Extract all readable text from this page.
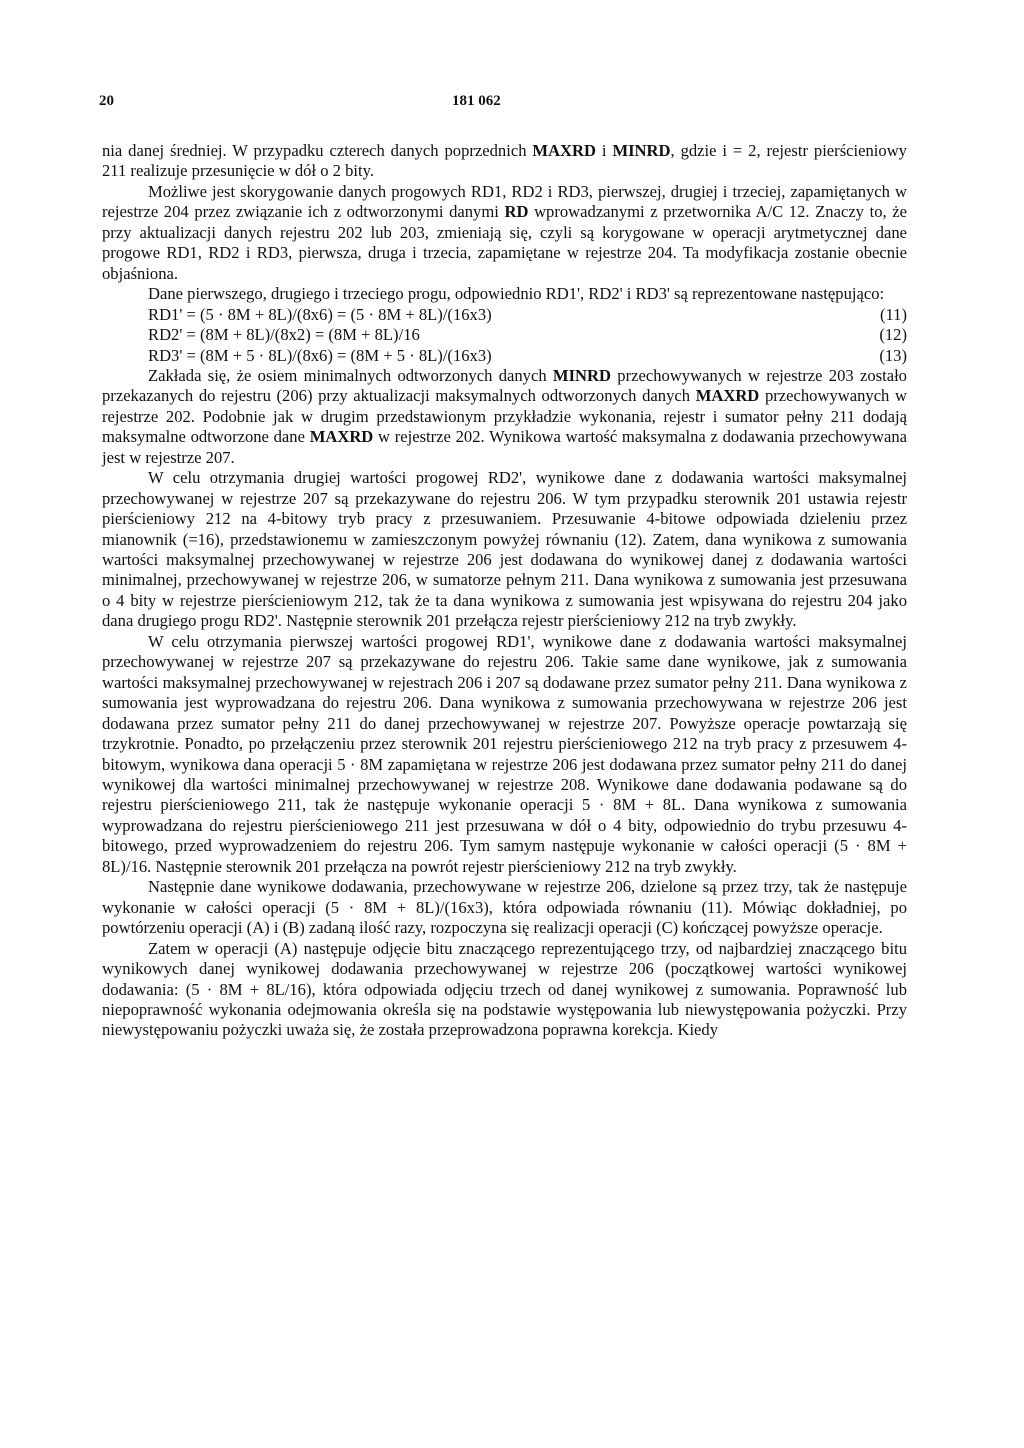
20	181 062

nia danej średniej. W przypadku czterech danych poprzednich MAXRD i MINRD, gdzie i = 2, rejestr pierścieniowy 211 realizuje przesunięcie w dół o 2 bity.

Możliwe jest skorygowanie danych progowych RD1, RD2 i RD3, pierwszej, drugiej i trzeciej, zapamiętanych w rejestrze 204 przez związanie ich z odtworzonymi danymi RD wprowadzanymi z przetwornika A/C 12. Znaczy to, że przy aktualizacji danych rejestru 202 lub 203, zmieniają się, czyli są korygowane w operacji arytmetycznej dane progowe RD1, RD2 i RD3, pierwsza, druga i trzecia, zapamiętane w rejestrze 204. Ta modyfikacja zostanie obecnie objaśniona.

Dane pierwszego, drugiego i trzeciego progu, odpowiednio RD1', RD2' i RD3' są reprezentowane następująco:

RD1' = (5 · 8M + 8L)/(8x6) = (5 · 8M + 8L)/(16x3)	(11)
RD2' = (8M + 8L)/(8x2) = (8M + 8L)/16	(12)
RD3' = (8M + 5 · 8L)/(8x6) = (8M + 5 · 8L)/(16x3)	(13)

Zakłada się, że osiem minimalnych odtworzonych danych MINRD przechowywanych w rejestrze 203 zostało przekazanych do rejestru (206) przy aktualizacji maksymalnych odtworzonych danych MAXRD przechowywanych w rejestrze 202. Podobnie jak w drugim przedstawionym przykładzie wykonania, rejestr i sumator pełny 211 dodają maksymalne odtworzone dane MAXRD w rejestrze 202. Wynikowa wartość maksymalna z dodawania przechowywana jest w rejestrze 207.

W celu otrzymania drugiej wartości progowej RD2', wynikowe dane z dodawania wartości maksymalnej przechowywanej w rejestrze 207 są przekazywane do rejestru 206. W tym przypadku sterownik 201 ustawia rejestr pierścieniowy 212 na 4-bitowy tryb pracy z przesuwaniem. Przesuwanie 4-bitowe odpowiada dzieleniu przez mianownik (=16), przedstawionemu w zamieszczonym powyżej równaniu (12). Zatem, dana wynikowa z sumowania wartości maksymalnej przechowywanej w rejestrze 206 jest dodawana do wynikowej danej z dodawania wartości minimalnej, przechowywanej w rejestrze 206, w sumatorze pełnym 211. Dana wynikowa z sumowania jest przesuwana o 4 bity w rejestrze pierścieniowym 212, tak że ta dana wynikowa z sumowania jest wpisywana do rejestru 204 jako dana drugiego progu RD2'. Następnie sterownik 201 przełącza rejestr pierścieniowy 212 na tryb zwykły.

W celu otrzymania pierwszej wartości progowej RD1', wynikowe dane z dodawania wartości maksymalnej przechowywanej w rejestrze 207 są przekazywane do rejestru 206. Takie same dane wynikowe, jak z sumowania wartości maksymalnej przechowywanej w rejestrach 206 i 207 są dodawane przez sumator pełny 211. Dana wynikowa z sumowania jest wyprowadzana do rejestru 206. Dana wynikowa z sumowania przechowywana w rejestrze 206 jest dodawana przez sumator pełny 211 do danej przechowywanej w rejestrze 207. Powyższe operacje powtarzają się trzykrotnie. Ponadto, po przełączeniu przez sterownik 201 rejestru pierścieniowego 212 na tryb pracy z przesuwem 4-bitowym, wynikowa dana operacji 5 · 8M zapamiętana w rejestrze 206 jest dodawana przez sumator pełny 211 do danej wynikowej dla wartości minimalnej przechowywanej w rejestrze 208. Wynikowe dane dodawania podawane są do rejestru pierścieniowego 211, tak że następuje wykonanie operacji 5 · 8M + 8L. Dana wynikowa z sumowania wyprowadzana do rejestru pierścieniowego 211 jest przesuwana w dół o 4 bity, odpowiednio do trybu przesuwu 4-bitowego, przed wyprowadzeniem do rejestru 206. Tym samym następuje wykonanie w całości operacji (5 · 8M + 8L)/16. Następnie sterownik 201 przełącza na powrót rejestr pierścieniowy 212 na tryb zwykły.

Następnie dane wynikowe dodawania, przechowywane w rejestrze 206, dzielone są przez trzy, tak że następuje wykonanie w całości operacji (5 · 8M + 8L)/(16x3), która odpowiada równaniu (11). Mówiąc dokładniej, po powtórzeniu operacji (A) i (B) zadaną ilość razy, rozpoczyna się realizacji operacji (C) kończącej powyższe operacje.

Zatem w operacji (A) następuje odjęcie bitu znaczącego reprezentującego trzy, od najbardziej znaczącego bitu wynikowych danej wynikowej dodawania przechowywanej w rejestrze 206 (początkowej wartości wynikowej dodawania: (5 · 8M + 8L/16), która odpowiada odjęciu trzech od danej wynikowej z sumowania. Poprawność lub niepoprawność wykonania odejmowania określa się na podstawie występowania lub niewystępowania pożyczki. Przy niewystępowaniu pożyczki uważa się, że została przeprowadzona poprawna korekcja. Kiedy
